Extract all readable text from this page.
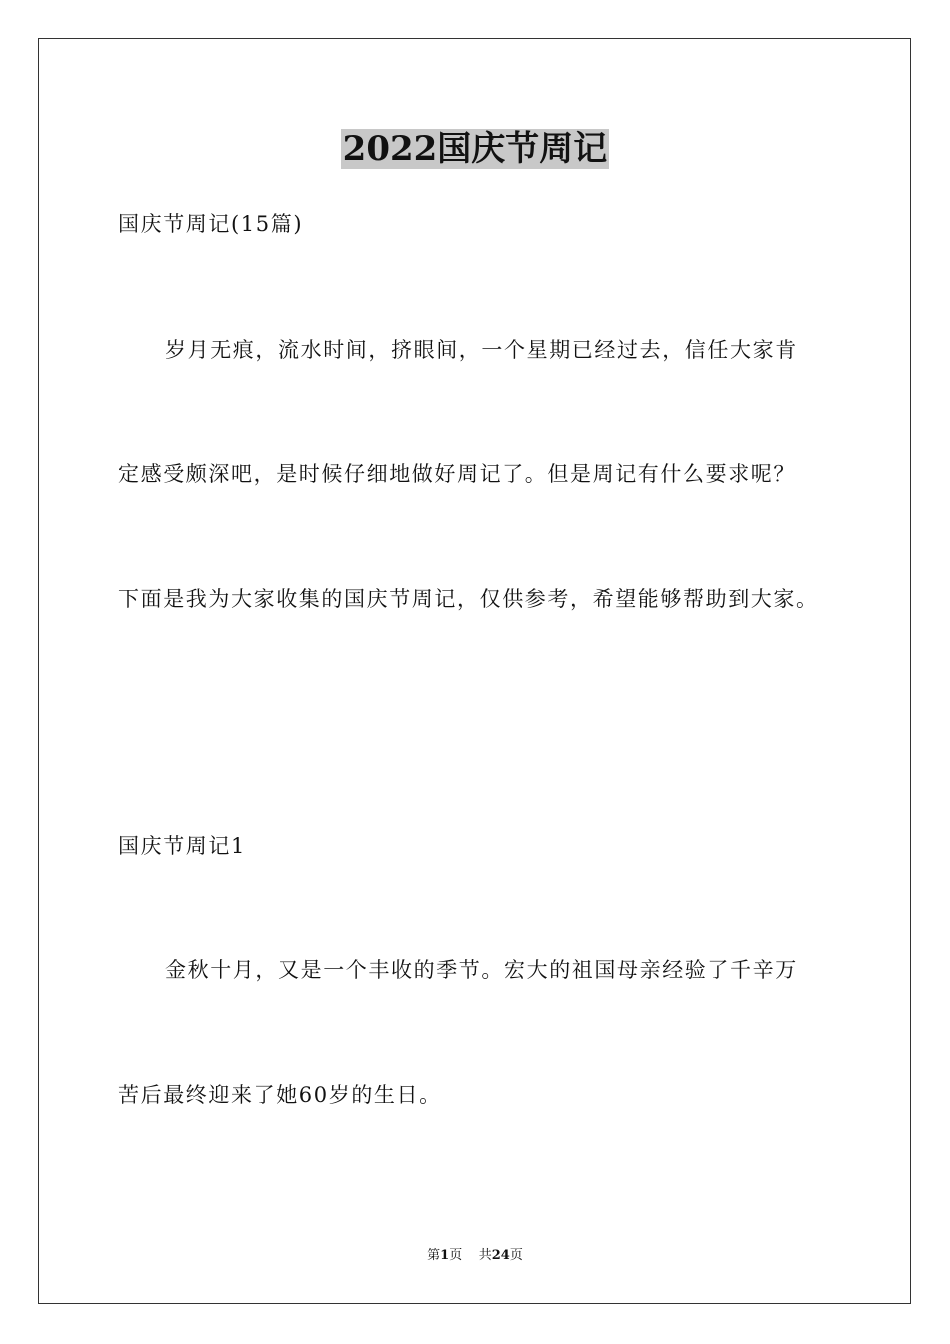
2022国庆节周记
国庆节周记(15篇)
岁月无痕，流水时间，挤眼间，一个星期已经过去，信任大家肯
定感受颇深吧，是时候仔细地做好周记了。但是周记有什么要求呢？
下面是我为大家收集的国庆节周记，仅供参考，希望能够帮助到大家。
国庆节周记1
金秋十月，又是一个丰收的季节。宏大的祖国母亲经验了千辛万
苦后最终迎来了她60岁的生日。
第1页 共24页
